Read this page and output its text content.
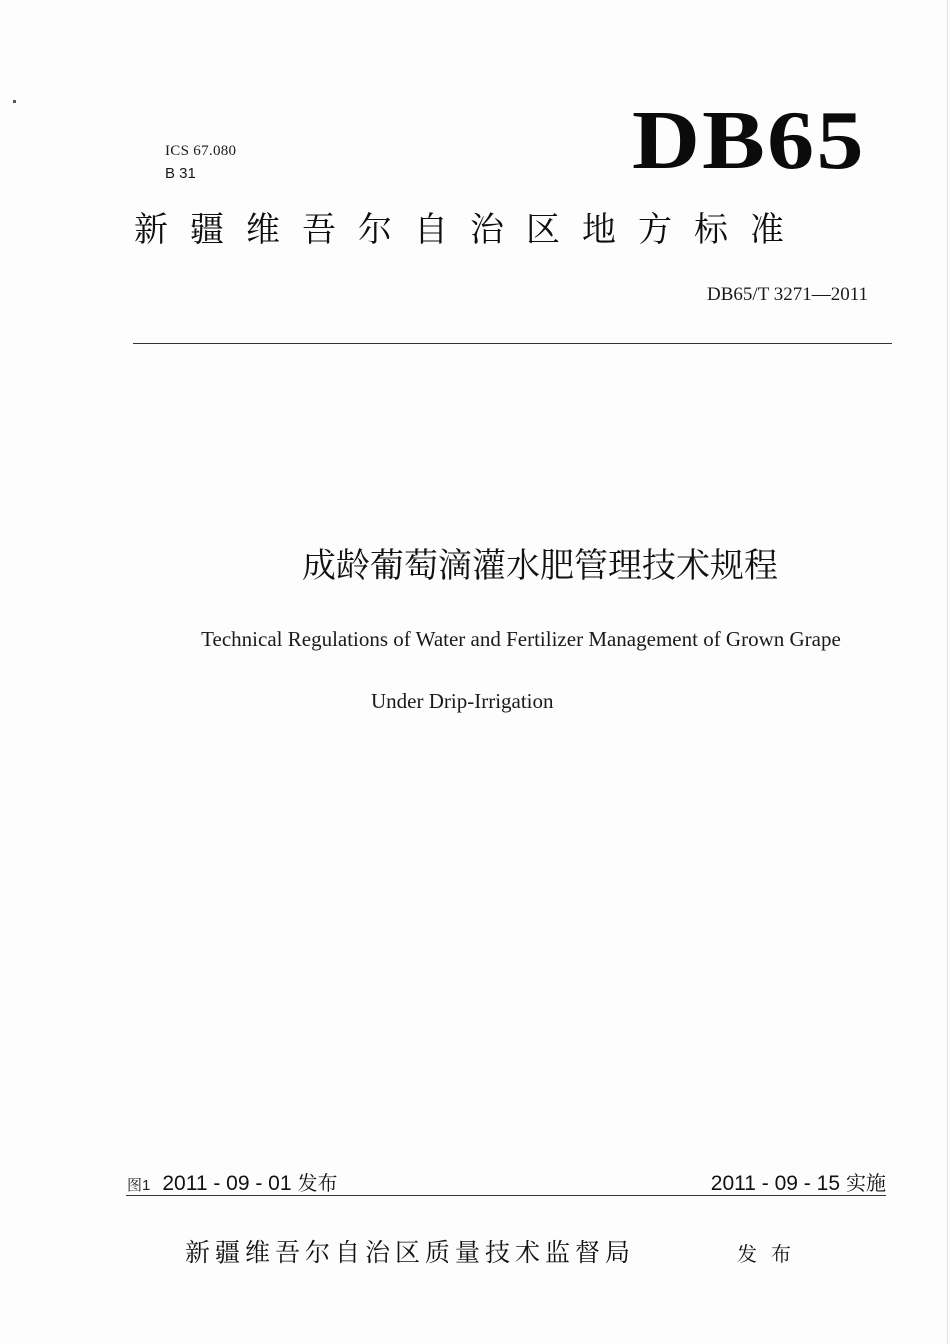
ICS 67.080
B 31	DB65
新疆维吾尔自治区地方标准
DB65/T 3271—2011
成龄葡萄滴灌水肥管理技术规程
Technical Regulations of Water and Fertilizer Management of Grown Grape
Under Drip-Irrigation
图1 2011 - 09 - 01 发布	2011 - 09 - 15 实施
新疆维吾尔自治区质量技术监督局	发布
